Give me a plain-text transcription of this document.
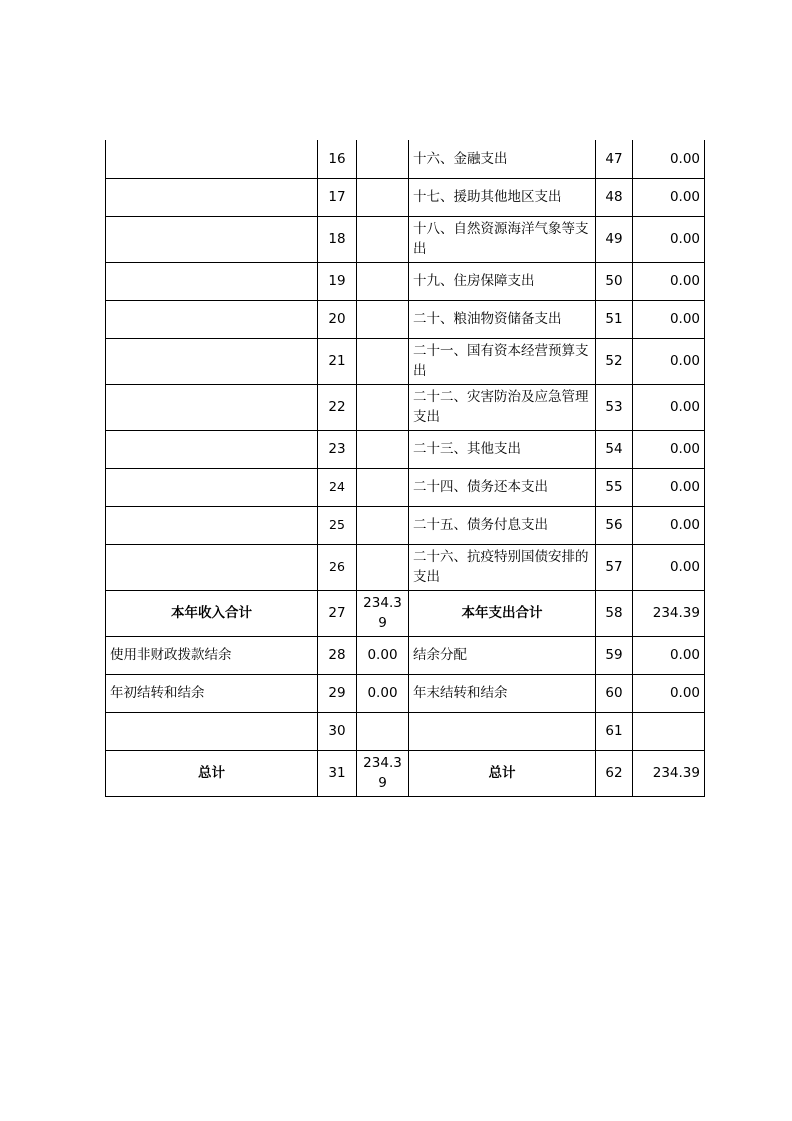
	16		十六、金融支出	47	0.00
	17		十七、援助其他地区支出	48	0.00
	18		十八、自然资源海洋气象等支出	49	0.00
	19		十九、住房保障支出	50	0.00
	20		二十、粮油物资储备支出	51	0.00
	21		二十一、国有资本经营预算支出	52	0.00
	22		二十二、灾害防治及应急管理支出	53	0.00
	23		二十三、其他支出	54	0.00
	24		二十四、债务还本支出	55	0.00
	25		二十五、债务付息支出	56	0.00
	26		二十六、抗疫特别国债安排的支出	57	0.00
本年收入合计	27	234.39	本年支出合计	58	234.39
使用非财政拨款结余	28	0.00	结余分配	59	0.00
年初结转和结余	29	0.00	年末结转和结余	60	0.00
	30			61	
总计	31	234.39	总计	62	234.39
